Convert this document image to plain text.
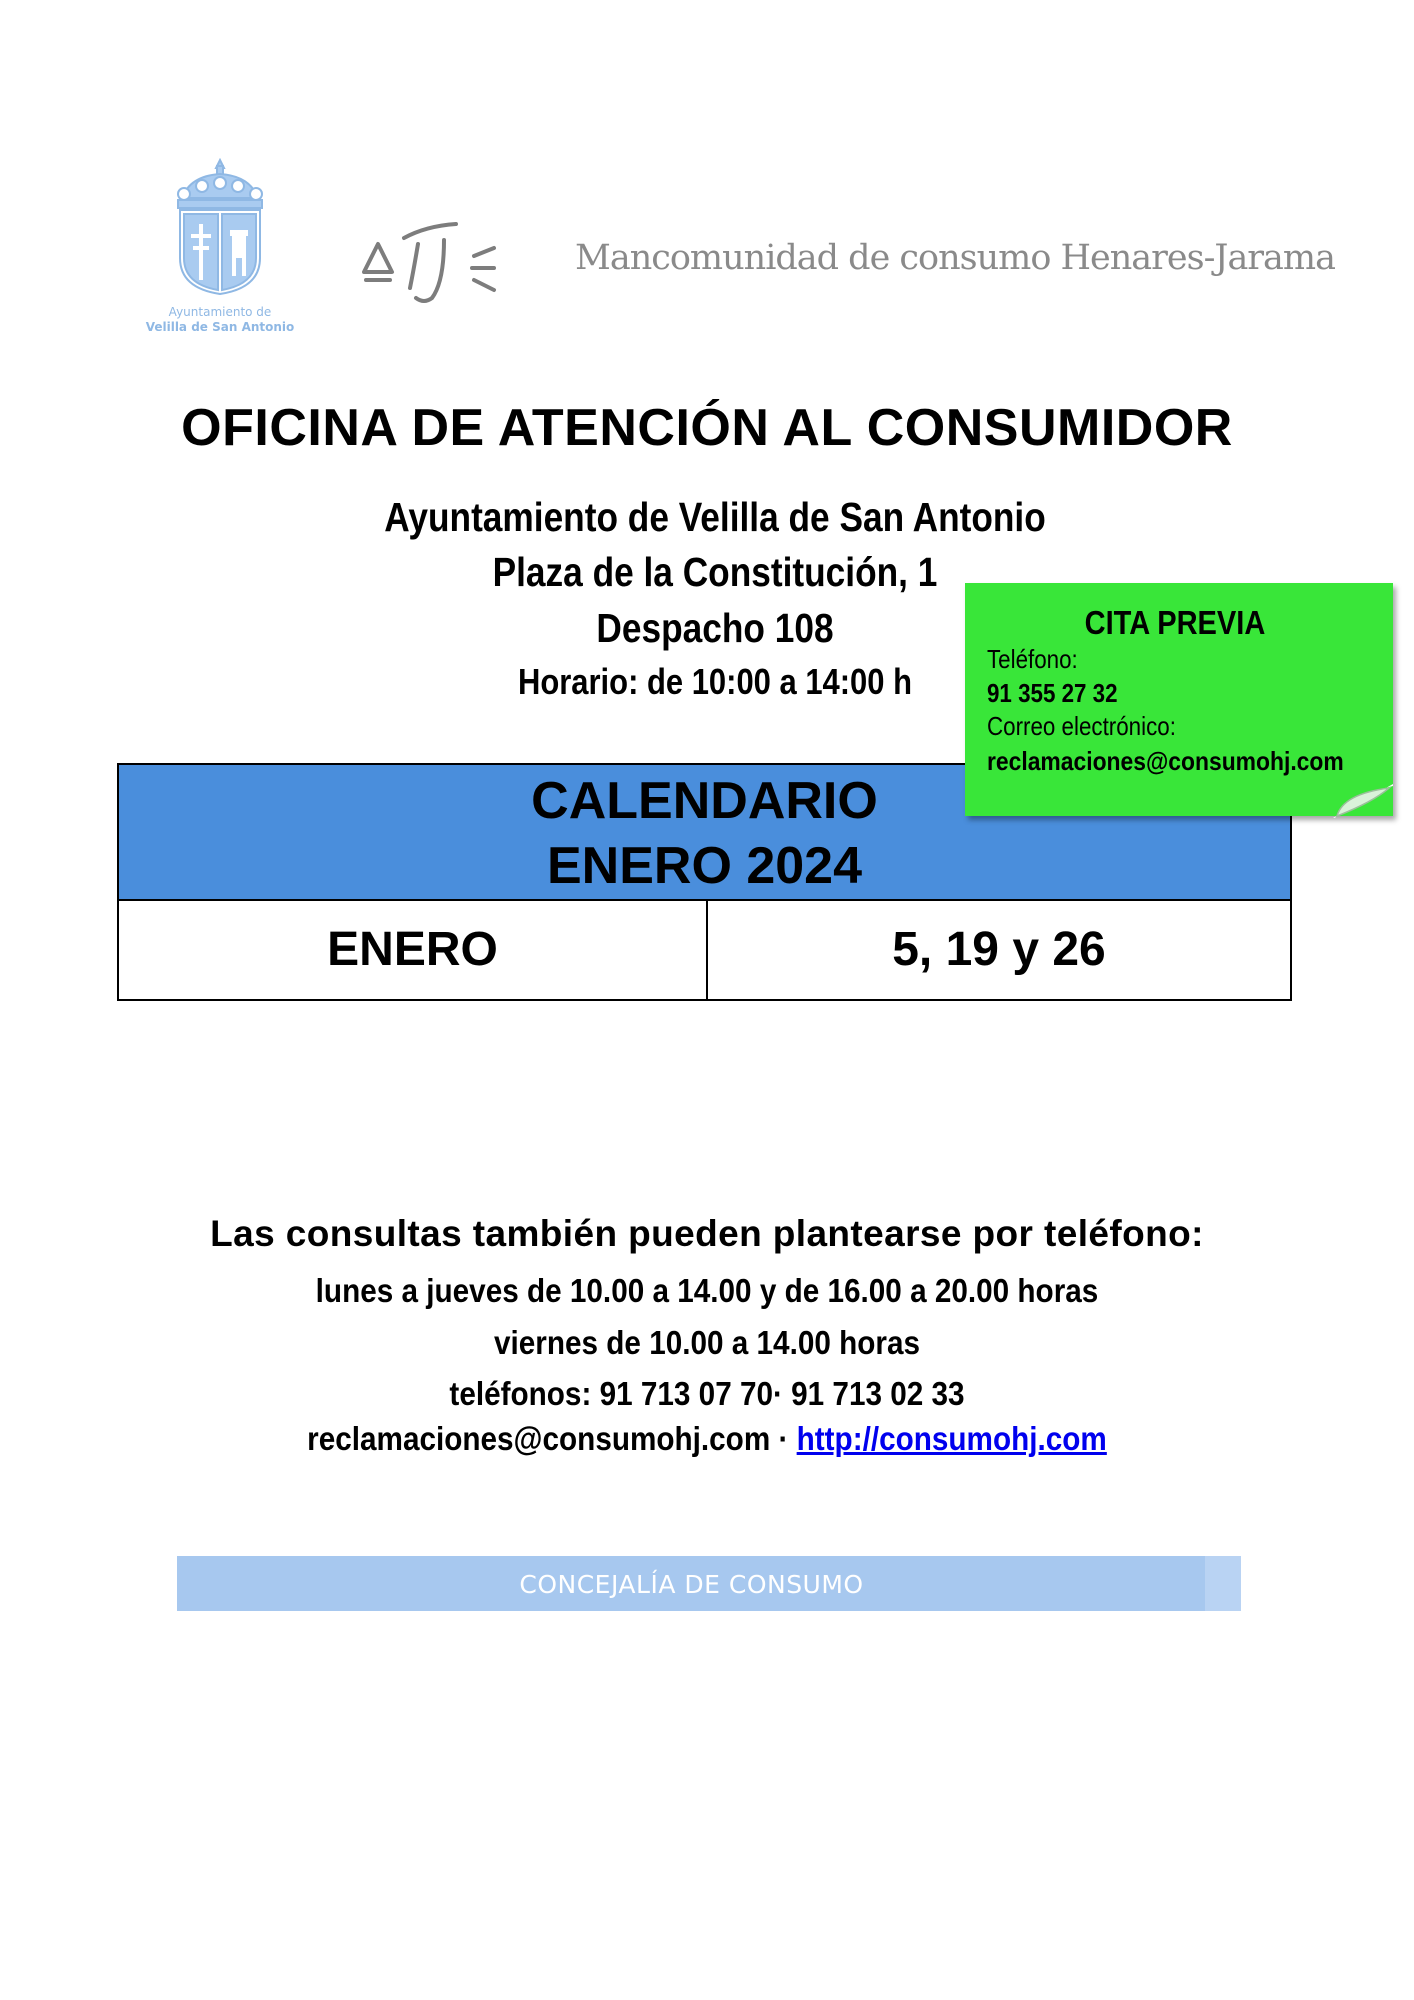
Ayuntamiento de
Velilla de San Antonio
Mancomunidad de consumo Henares-Jarama
OFICINA DE ATENCIÓN AL CONSUMIDOR
Ayuntamiento de Velilla de San Antonio
Plaza de la Constitución, 1
Despacho 108
Horario: de 10:00 a 14:00 h
CALENDARIO
ENERO 2024
ENERO	5, 19 y 26
CITA PREVIA
Teléfono:
91 355 27 32
Correo electrónico:
reclamaciones@consumohj.com
Las consultas también pueden plantearse por teléfono:
lunes a jueves de 10.00 a 14.00 y de 16.00 a 20.00 horas
viernes de 10.00 a 14.00 horas
teléfonos: 91 713 07 70· 91 713 02 33
reclamaciones@consumohj.com · http://consumohj.com
CONCEJALÍA DE CONSUMO
